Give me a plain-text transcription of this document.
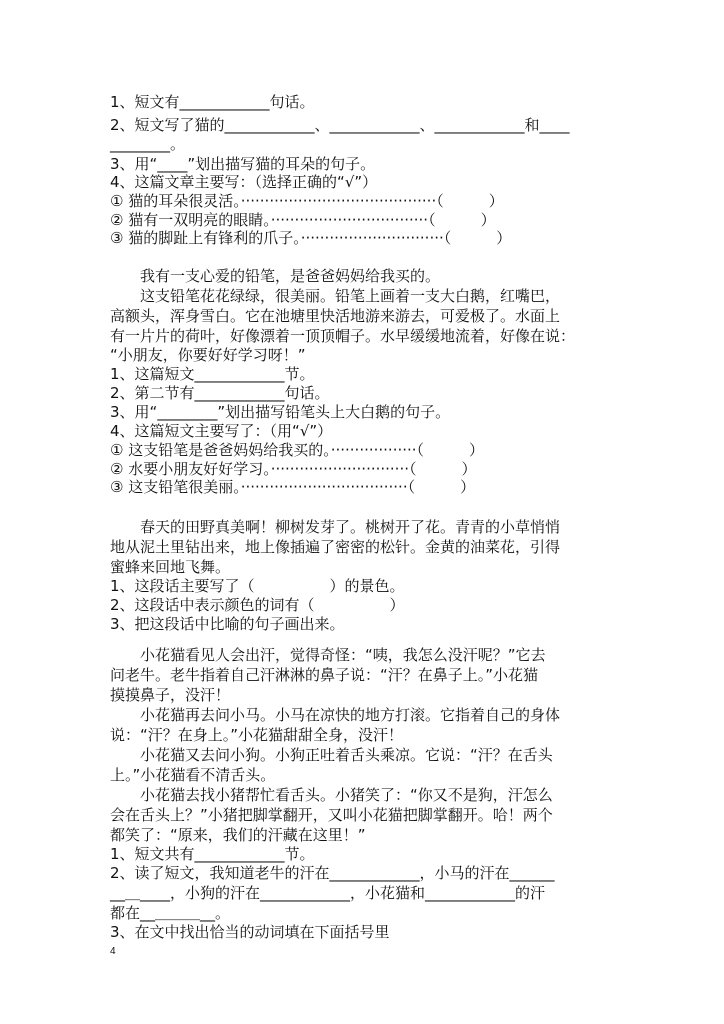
1、短文有____________句话。
2、短文写了猫的____________、____________、____________和____
________。
3、用“____”划出描写猫的耳朵的句子。
4、这篇文章主要写：（选择正确的“√”）
① 猫的耳朵很灵活。·········································（　　　）
② 猫有一双明亮的眼睛。·································（　　　）
③ 猫的脚趾上有锋利的爪子。······························（　　　）
　　我有一支心爱的铅笔，是爸爸妈妈给我买的。
　　这支铅笔花花绿绿，很美丽。铅笔上画着一支大白鹅，红嘴巴，
高额头，浑身雪白。它在池塘里快活地游来游去，可爱极了。水面上
有一片片的荷叶，好像漂着一顶顶帽子。水早缓缓地流着，好像在说：
“小朋友，你要好好学习呀！”
1、这篇短文____________节。
2、第二节有____________句话。
3、用“________”划出描写铅笔头上大白鹅的句子。
4、这篇短文主要写了：（用“√”）
① 这支铅笔是爸爸妈妈给我买的。··················（　　　）
② 水要小朋友好好学习。·····························（　　　）
③ 这支铅笔很美丽。···································（　　　）
　　春天的田野真美啊！柳树发芽了。桃树开了花。青青的小草悄悄
地从泥土里钻出来，地上像插遍了密密的松针。金黄的油菜花，引得
蜜蜂来回地飞舞。
1、这段话主要写了（　　　　　）的景色。
2、这段话中表示颜色的词有（　　　　　）
3、把这段话中比喻的句子画出来。
　　小花猫看见人会出汗，觉得奇怪：“咦，我怎么没汗呢？”它去
问老牛。老牛指着自己汗淋淋的鼻子说：“汗？在鼻子上。”小花猫
摸摸鼻子，没汗！
　　小花猫再去问小马。小马在凉快的地方打滚。它指着自己的身体
说：“汗？在身上。”小花猫甜甜全身，没汗！
　　小花猫又去问小狗。小狗正吐着舌头乘凉。它说：“汗？在舌头
上。”小花猫看不清舌头。
　　小花猫去找小猪帮忙看舌头。小猪笑了：“你又不是狗，汗怎么
会在舌头上？”小猪把脚掌翻开，又叫小花猫把脚掌翻开。哈！两个
都笑了：“原来，我们的汗藏在这里！”
1、短文共有____________节。
2、读了短文，我知道老牛的汗在____________，小马的汗在______
__＿____，小狗的汗在____________，小花猫和____________的汗
都在__＿＿＿__。
3、在文中找出恰当的动词填在下面括号里
4
